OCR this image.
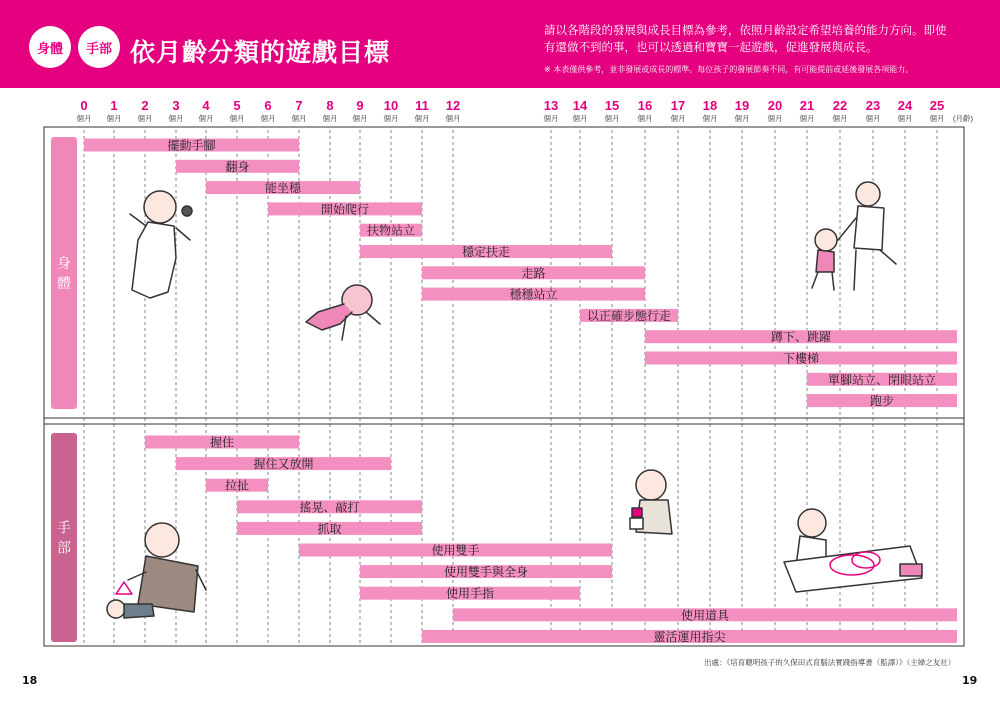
身體	手部 依月齡分類的遊戲目標
請以各階段的發展與成長目標為參考，依照月齡設定希望培養的能力方向。即使有還做不到的事，也可以透過和寶寶一起遊戲，促進發展與成長。
※ 本表僅供參考，並非發展或成長的標準。每位孩子的發展節奏不同，有可能提前或延後發展各項能力。
0
個月
1
個月
2
個月
3
個月
4
個月
5
個月
6
個月
7
個月
8
個月
9
個月
10
個月
11
個月
12
個月
13
個月
14
個月
15
個月
16
個月
17
個月
18
個月
19
個月
20
個月
21
個月
22
個月
23
個月
24
個月
25
個月 (月齡)
身
體
手
部
擺動手腳
翻身
能坐穩
開始爬行
扶物站立
穩定扶走
走路
穩穩站立
以正確步態行走
蹲下、跳躍
下樓梯
單腳站立、閉眼站立
跑步
握住
握住又放開
拉扯
搖晃、敲打
抓取
使用雙手
使用雙手與全身
使用手指
使用道具
靈活運用指尖
出處：《培育聰明孩子的久保田式育腦法實踐指導書（監譯）》（主婦之友社）
18	19
